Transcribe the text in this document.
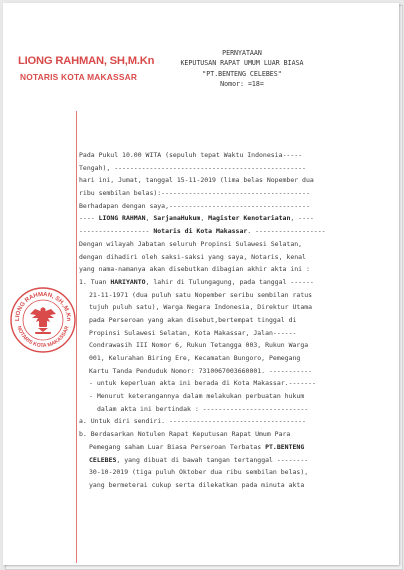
LIONG RAHMAN, SH,M.Kn
NOTARIS KOTA MAKASSAR
PERNYATAAN
KEPUTUSAN RAPAT UMUM LUAR BIASA
"PT.BENTENG CELEBES"
Nomor: =18=
LIONG RAHMAN, SH.,M.Kn
NOTARIS KOTA MAKASSAR
Pada Pukul 10.00 WITA (sepuluh tepat Waktu Indonesia-----
Tengah), -------------------------------------------------
hari ini, Jumat, tanggal 15-11-2019 (lima belas Nopember dua
ribu sembilan belas):--------------------------------------
Berhadapan dengan saya,------------------------------------
---- LIONG RAHMAN, SarjanaHukum, Magister Kenotariatan, ----
------------------ Notaris di Kota Makassar. ------------------
Dengan wilayah Jabatan seluruh Propinsi Sulawesi Selatan,
dengan dihadiri oleh saksi-saksi yang saya, Notaris, kenal
yang nama-namanya akan disebutkan dibagian akhir akta ini :
1. Tuan HARIYANTO, lahir di Tulungagung, pada tanggal ------
21-11-1971 (dua puluh satu Nopember seribu sembilan ratus
tujuh puluh satu), Warga Negara Indonesia, Direktur Utama
pada Perseroan yang akan disebut,bertempat tinggal di
Propinsi Sulawesi Selatan, Kota Makassar, Jalan------
Condrawasih III Nomor 6, Rukun Tetangga 003, Rukun Warga
001, Kelurahan Biring Ere, Kecamatan Bungoro, Pemegang
Kartu Tanda Penduduk Nomor: 7310067003660001. -----------
- untuk keperluan akta ini berada di Kota Makassar.-------
- Menurut keterangannya dalam melakukan perbuatan hukum
dalam akta ini bertindak : ---------------------------
a. Untuk diri sendiri. -----------------------------------
b. Berdasarkan Notulen Rapat Keputusan Rapat Umum Para
Pemegang saham Luar Biasa Perseroan Terbatas PT.BENTENG
CELEBES, yang dibuat di bawah tangan tertanggal --------
30-10-2019 (tiga puluh Oktober dua ribu sembilan belas),
yang bermeterai cukup serta dilekatkan pada minuta akta
